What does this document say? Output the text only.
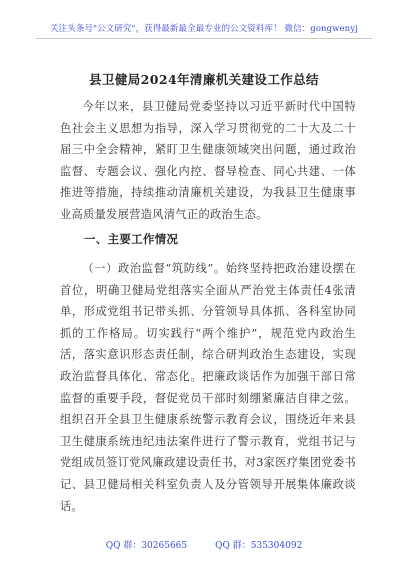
关注头条号"公文研究"，获得最新最全最专业的公文资料库！ 微信：gongwenyj
县卫健局2024年清廉机关建设工作总结
今年以来，县卫健局党委坚持以习近平新时代中国特色社会主义思想为指导，深入学习贯彻党的二十大及二十届三中全会精神，紧盯卫生健康领域突出问题，通过政治监督、专题会议、强化内控、督导检查、同心共建、一体推进等措施，持续推动清廉机关建设，为我县卫生健康事业高质量发展营造风清气正的政治生态。
一、主要工作情况
（一）政治监督“筑防线”。始终坚持把政治建设摆在首位，明确卫健局党组落实全面从严治党主体责任4张清单，形成党组书记带头抓、分管领导具体抓、各科室协同抓的工作格局。切实践行“两个维护”，规范党内政治生活，落实意识形态责任制，综合研判政治生态建设，实现政治监督具体化、常态化。把廉政谈话作为加强干部日常监督的重要手段，督促党员干部时刻绷紧廉洁自律之弦。组织召开全县卫生健康系统警示教育会议，围绕近年来县卫生健康系统违纪违法案件进行了警示教育，党组书记与党组成员签订党风廉政建设责任书，对3家医疗集团党委书记、县卫健局相关科室负责人及分管领导开展集体廉政谈话。
QQ 群：30265665	QQ 群：535304092
